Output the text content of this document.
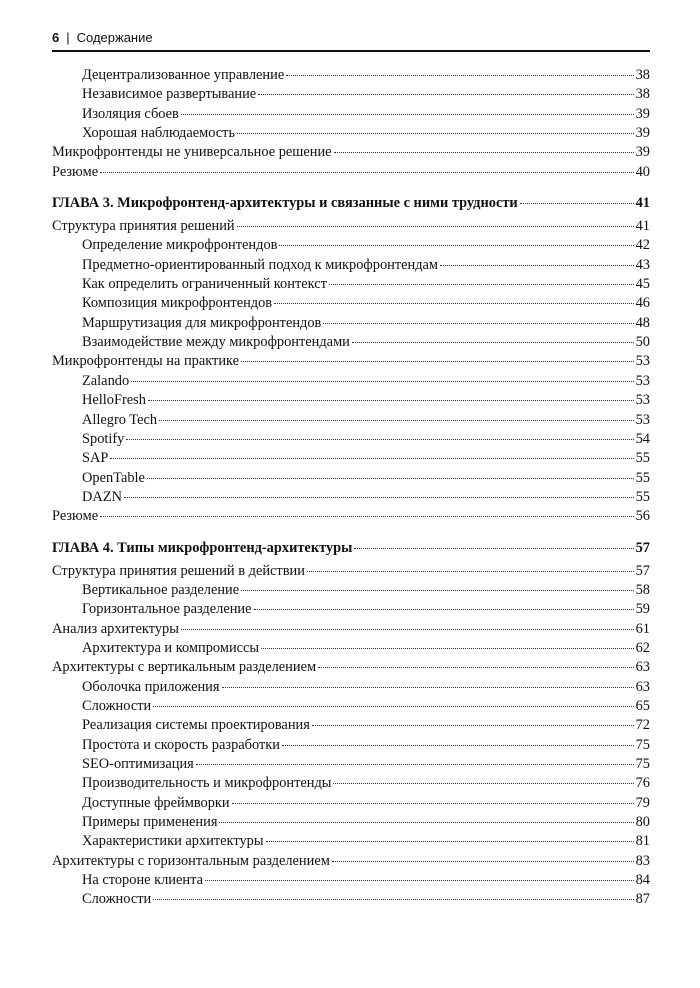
6 | Содержание
Децентрализованное управление	38
Независимое развертывание	38
Изоляция сбоев	39
Хорошая наблюдаемость	39
Микрофронтенды не универсальное решение	39
Резюме	40
ГЛАВА 3. Микрофронтенд-архитектуры и связанные с ними трудности	41
Структура принятия решений	41
Определение микрофронтендов	42
Предметно-ориентированный подход к микрофронтендам	43
Как определить ограниченный контекст	45
Композиция микрофронтендов	46
Маршрутизация для микрофронтендов	48
Взаимодействие между микрофронтендами	50
Микрофронтенды на практике	53
Zalando	53
HelloFresh	53
Allegro Tech	53
Spotify	54
SAP	55
OpenTable	55
DAZN	55
Резюме	56
ГЛАВА 4. Типы микрофронтенд-архитектуры	57
Структура принятия решений в действии	57
Вертикальное разделение	58
Горизонтальное разделение	59
Анализ архитектуры	61
Архитектура и компромиссы	62
Архитектуры с вертикальным разделением	63
Оболочка приложения	63
Сложности	65
Реализация системы проектирования	72
Простота и скорость разработки	75
SEO-оптимизация	75
Производительность и микрофронтенды	76
Доступные фреймворки	79
Примеры применения	80
Характеристики архитектуры	81
Архитектуры с горизонтальным разделением	83
На стороне клиента	84
Сложности	87
